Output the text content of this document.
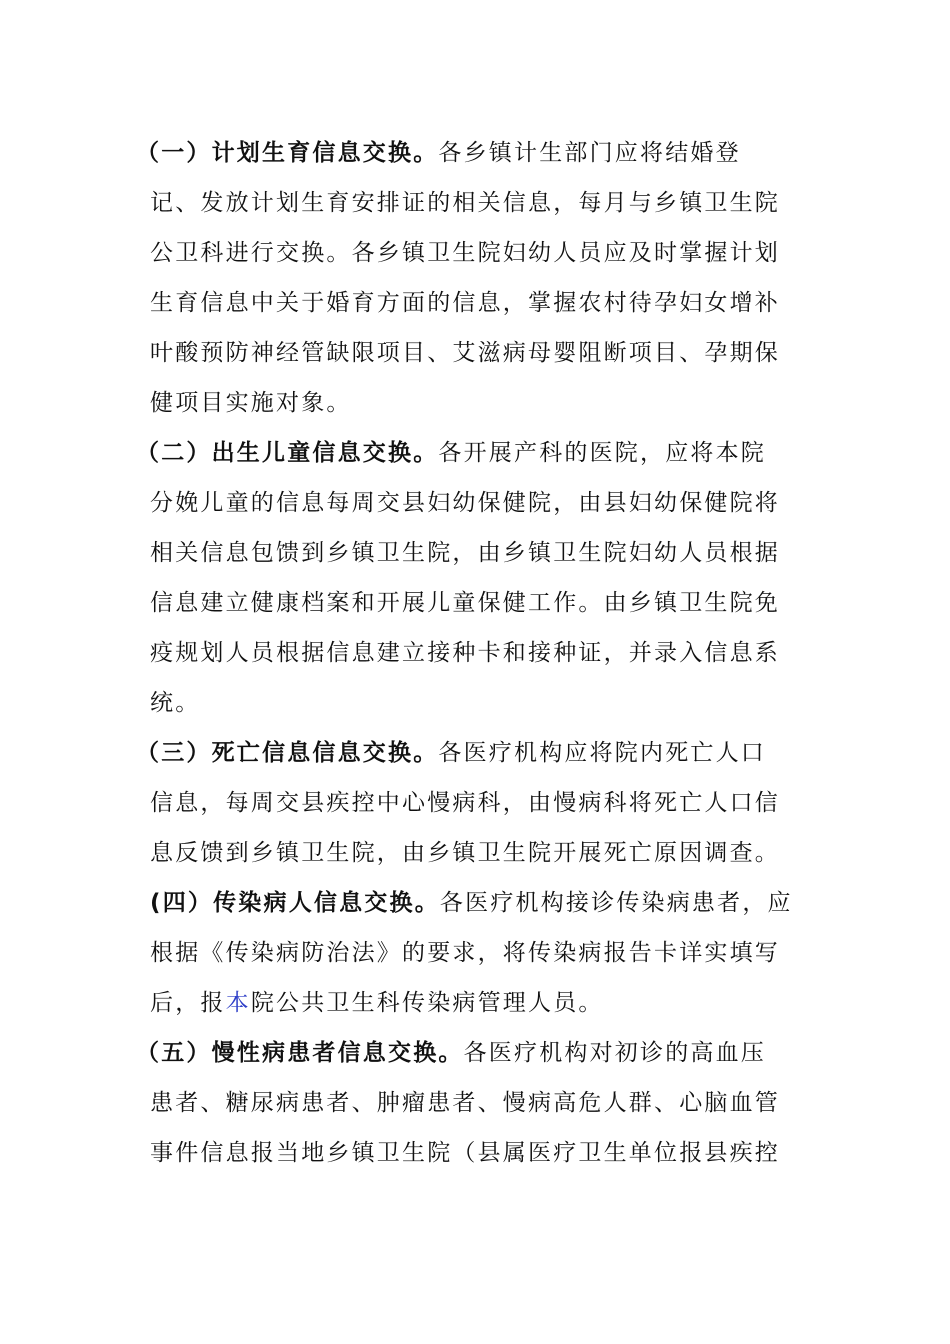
（一）计划生育信息交换。各乡镇计生部门应将结婚登
记、发放计划生育安排证的相关信息，每月与乡镇卫生院
公卫科进行交换。各乡镇卫生院妇幼人员应及时掌握计划
生育信息中关于婚育方面的信息，掌握农村待孕妇女增补
叶酸预防神经管缺限项目、艾滋病母婴阻断项目、孕期保
健项目实施对象。
（二）出生儿童信息交换。各开展产科的医院，应将本院
分娩儿童的信息每周交县妇幼保健院，由县妇幼保健院将
相关信息包馈到乡镇卫生院，由乡镇卫生院妇幼人员根据
信息建立健康档案和开展儿童保健工作。由乡镇卫生院免
疫规划人员根据信息建立接种卡和接种证，并录入信息系
统。
（三）死亡信息信息交换。各医疗机构应将院内死亡人口
信息，每周交县疾控中心慢病科，由慢病科将死亡人口信
息反馈到乡镇卫生院，由乡镇卫生院开展死亡原因调查。
(四）传染病人信息交换。各医疗机构接诊传染病患者，应
根据《传染病防治法》的要求，将传染病报告卡详实填写
后，报本院公共卫生科传染病管理人员。
（五）慢性病患者信息交换。各医疗机构对初诊的高血压
患者、糖尿病患者、肿瘤患者、慢病高危人群、心脑血管
事件信息报当地乡镇卫生院（县属医疗卫生单位报县疾控
